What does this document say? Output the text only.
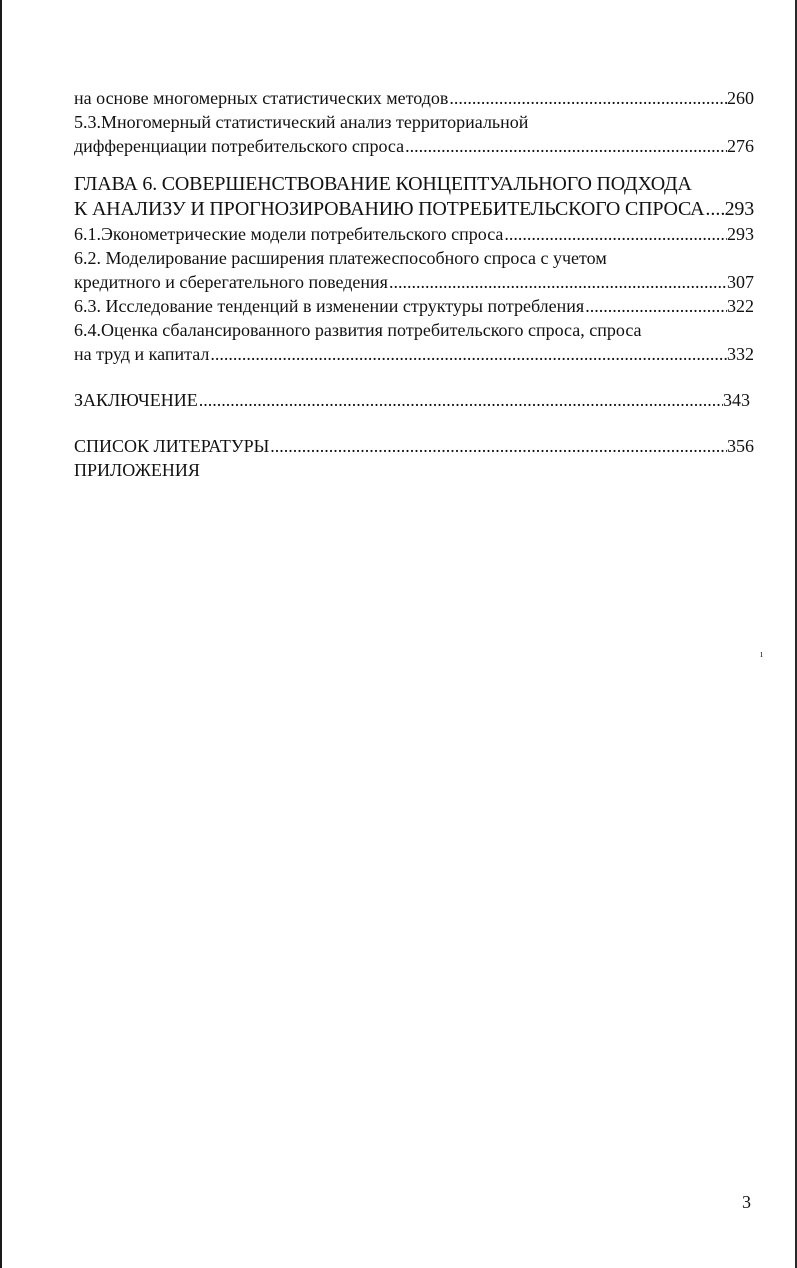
на основе многомерных статистических методов .....	260
5.3.Многомерный статистический анализ территориальной
дифференциации потребительского спроса .....	276
ГЛАВА 6. СОВЕРШЕНСТВОВАНИЕ КОНЦЕПТУАЛЬНОГО ПОДХОДА
К АНАЛИЗУ И ПРОГНОЗИРОВАНИЮ ПОТРЕБИТЕЛЬСКОГО СПРОСА ..... 293
6.1.Эконометрические модели потребительского спроса .....	293
6.2. Моделирование расширения платежеспособного спроса с учетом
кредитного и сберегательного поведения .....	307
6.3. Исследование тенденций в изменении структуры потребления .....	322
6.4.Оценка сбалансированного развития потребительского спроса, спроса
на труд и капитал .....	332
ЗАКЛЮЧЕНИЕ .....	343
СПИСОК ЛИТЕРАТУРЫ .....	356
ПРИЛОЖЕНИЯ
ı
3
